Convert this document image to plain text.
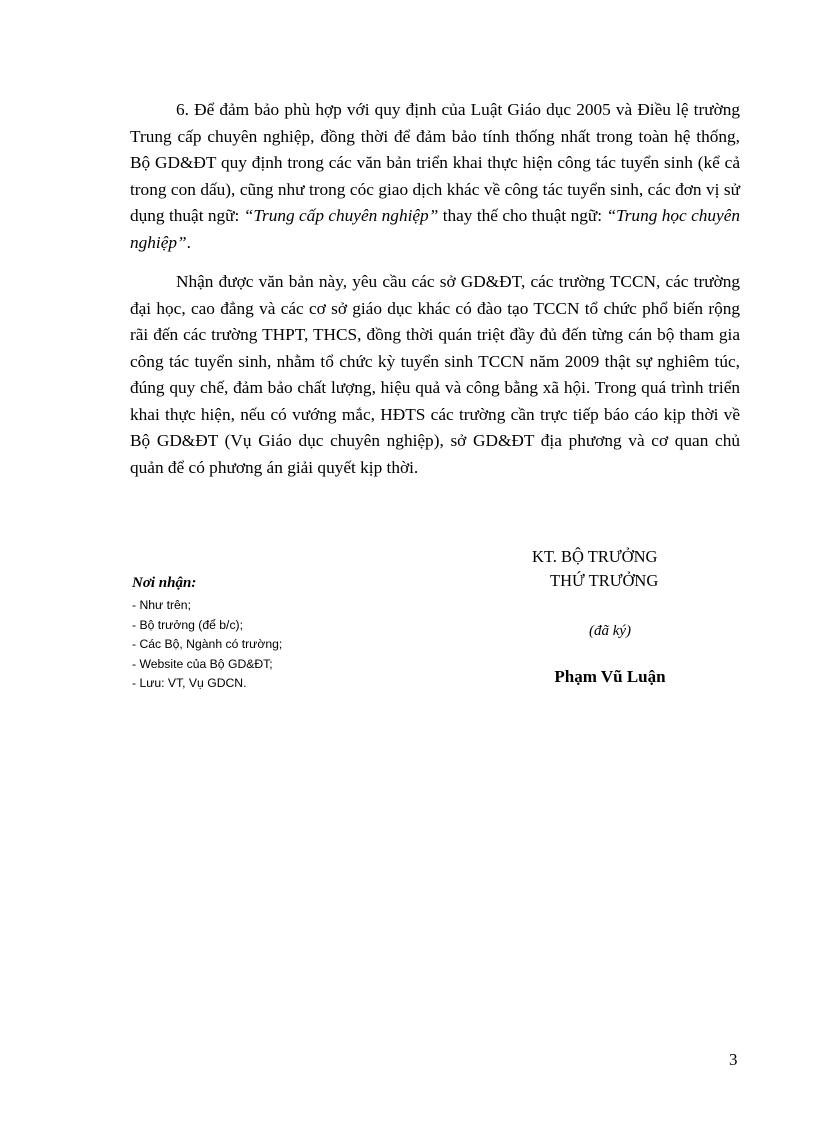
6. Để đảm bảo phù hợp với quy định của Luật Giáo dục 2005 và Điều lệ trường Trung cấp chuyên nghiệp, đồng thời để đảm bảo tính thống nhất trong toàn hệ thống, Bộ GD&ĐT quy định trong các văn bản triển khai thực hiện công tác tuyển sinh (kể cả trong con dấu), cũng như trong cóc giao dịch khác về công tác tuyển sinh, các đơn vị sử dụng thuật ngữ: “Trung cấp chuyên nghiệp” thay thế cho thuật ngữ: “Trung học chuyên nghiệp”.

Nhận được văn bản này, yêu cầu các sở GD&ĐT, các trường TCCN, các trường đại học, cao đẳng và các cơ sở giáo dục khác có đào tạo TCCN tổ chức phổ biến rộng rãi đến các trường THPT, THCS, đồng thời quán triệt đầy đủ đến từng cán bộ tham gia công tác tuyển sinh, nhằm tổ chức kỳ tuyển sinh TCCN năm 2009 thật sự nghiêm túc, đúng quy chế, đảm bảo chất lượng, hiệu quả và công bằng xã hội. Trong quá trình triển khai thực hiện, nếu có vướng mắc, HĐTS các trường cần trực tiếp báo cáo kịp thời về Bộ GD&ĐT (Vụ Giáo dục chuyên nghiệp), sở GD&ĐT địa phương và cơ quan chủ quản để có phương án giải quyết kịp thời.

KT. BỘ TRƯỞNG
THỨ TRƯỞNG
(đã ký)
Phạm Vũ Luận
Nơi nhận:
- Như trên;
- Bộ trưởng (để b/c);
- Các Bộ, Ngành có trường;
- Website của Bộ GD&ĐT;
- Lưu: VT, Vụ GDCN.
3
